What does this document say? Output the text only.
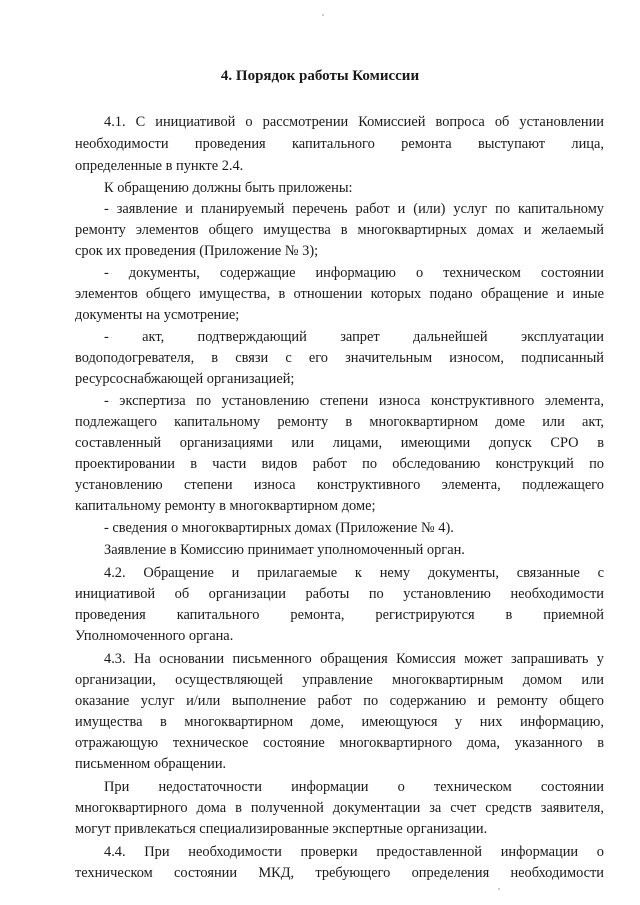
4. Порядок работы Комиссии
4.1. С инициативой о рассмотрении Комиссией вопроса об установлении
необходимости проведения капитального ремонта выступают лица,
определенные в пункте 2.4.
К обращению должны быть приложены:
- заявление и планируемый перечень работ и (или) услуг по капитальному
ремонту элементов общего имущества в многоквартирных домах и желаемый
срок их проведения (Приложение № 3);
- документы, содержащие информацию о техническом состоянии
элементов общего имущества, в отношении которых подано обращение и иные
документы на усмотрение;
- акт, подтверждающий запрет дальнейшей эксплуатации
водоподогревателя, в связи с его значительным износом, подписанный
ресурсоснабжающей организацией;
- экспертиза по установлению степени износа конструктивного элемента,
подлежащего капитальному ремонту в многоквартирном доме или акт,
составленный организациями или лицами, имеющими допуск СРО в
проектировании в части видов работ по обследованию конструкций по
установлению степени износа конструктивного элемента, подлежащего
капитальному ремонту в многоквартирном доме;
- сведения о многоквартирных домах (Приложение № 4).
Заявление в Комиссию принимает уполномоченный орган.
4.2. Обращение и прилагаемые к нему документы, связанные с
инициативой об организации работы по установлению необходимости
проведения капитального ремонта, регистрируются в приемной
Уполномоченного органа.
4.3. На основании письменного обращения Комиссия может запрашивать у
организации, осуществляющей управление многоквартирным домом или
оказание услуг и/или выполнение работ по содержанию и ремонту общего
имущества в многоквартирном доме, имеющуюся у них информацию,
отражающую техническое состояние многоквартирного дома, указанного в
письменном обращении.
При недостаточности информации о техническом состоянии
многоквартирного дома в полученной документации за счет средств заявителя,
могут привлекаться специализированные экспертные организации.
4.4. При необходимости проверки предоставленной информации о
техническом состоянии МКД, требующего определения необходимости
